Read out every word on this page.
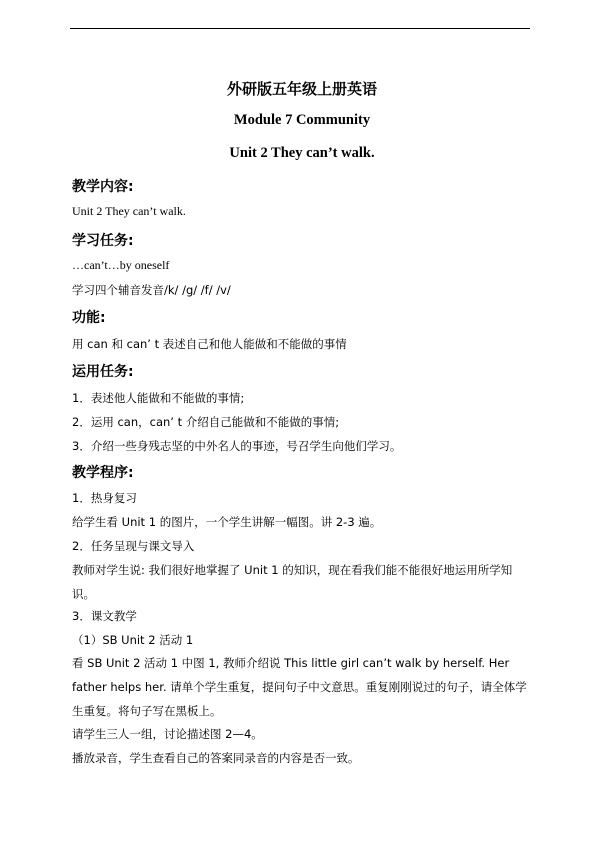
外研版五年级上册英语
Module 7 Community
Unit 2 They can’t walk.
教学内容:
Unit 2 They can’t walk.
学习任务:
…can’t…by oneself
学习四个辅音发音/k/ /g/ /f/ /v/
功能:
用 can 和 can’ t 表述自己和他人能做和不能做的事情
运用任务:
1．表述他人能做和不能做的事情;
2．运用 can，can’ t 介绍自己能做和不能做的事情;
3．介绍一些身残志坚的中外名人的事迹，号召学生向他们学习。
教学程序:
1．热身复习
给学生看 Unit 1 的图片，一个学生讲解一幅图。讲 2-3 遍。
2．任务呈现与课文导入
教师对学生说: 我们很好地掌握了 Unit 1 的知识，现在看我们能不能很好地运用所学知识。
3．课文教学
（1）SB Unit 2 活动 1
看 SB Unit 2 活动 1 中图 1, 教师介绍说 This little girl can’t walk by herself. Her father helps her. 请单个学生重复，提问句子中文意思。重复刚刚说过的句子，请全体学生重复。将句子写在黑板上。
请学生三人一组，讨论描述图 2—4。
播放录音，学生查看自己的答案同录音的内容是否一致。
